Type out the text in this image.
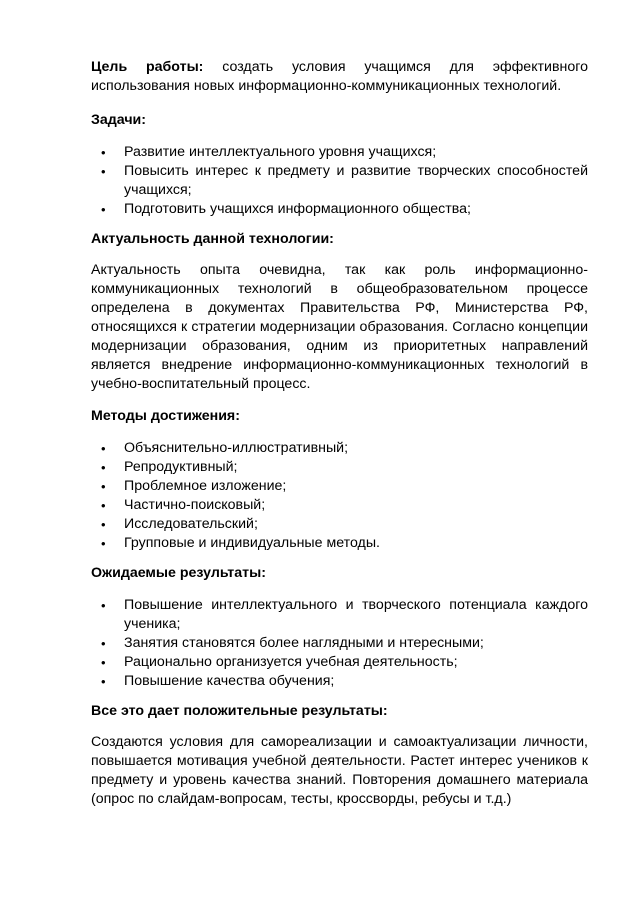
Цель работы: создать условия учащимся для эффективного
использования новых информационно-коммуникационных технологий.
Задачи:
• Развитие интеллектуального уровня учащихся;
• Повысить интерес к предмету и развитие творческих способностей учащихся;
• Подготовить учащихся информационного общества;
Актуальность данной технологии:

Актуальность опыта очевидна, так как роль информационно-коммуникационных технологий в общеобразовательном процессе определена в документах Правительства РФ, Министерства РФ, относящихся к стратегии модернизации образования. Согласно концепции модернизации образования, одним из приоритетных направлений является внедрение информационно-коммуникационных технологий в учебно-воспитательный процесс.

Методы достижения:
• Объяснительно-иллюстративный;
• Репродуктивный;
• Проблемное изложение;
• Частично-поисковый;
• Исследовательский;
• Групповые и индивидуальные методы.
Ожидаемые результаты:
• Повышение интеллектуального и творческого потенциала каждого ученика;
• Занятия становятся более наглядными и нтересными;
• Рационально организуется учебная деятельность;
• Повышение качества обучения;
Все это дает положительные результаты:

Создаются условия для самореализации и самоактуализации личности, повышается мотивация учебной деятельности. Растет интерес учеников к предмету и уровень качества знаний. Повторения домашнего материала (опрос по слайдам-вопросам, тесты, кроссворды, ребусы и т.д.)
